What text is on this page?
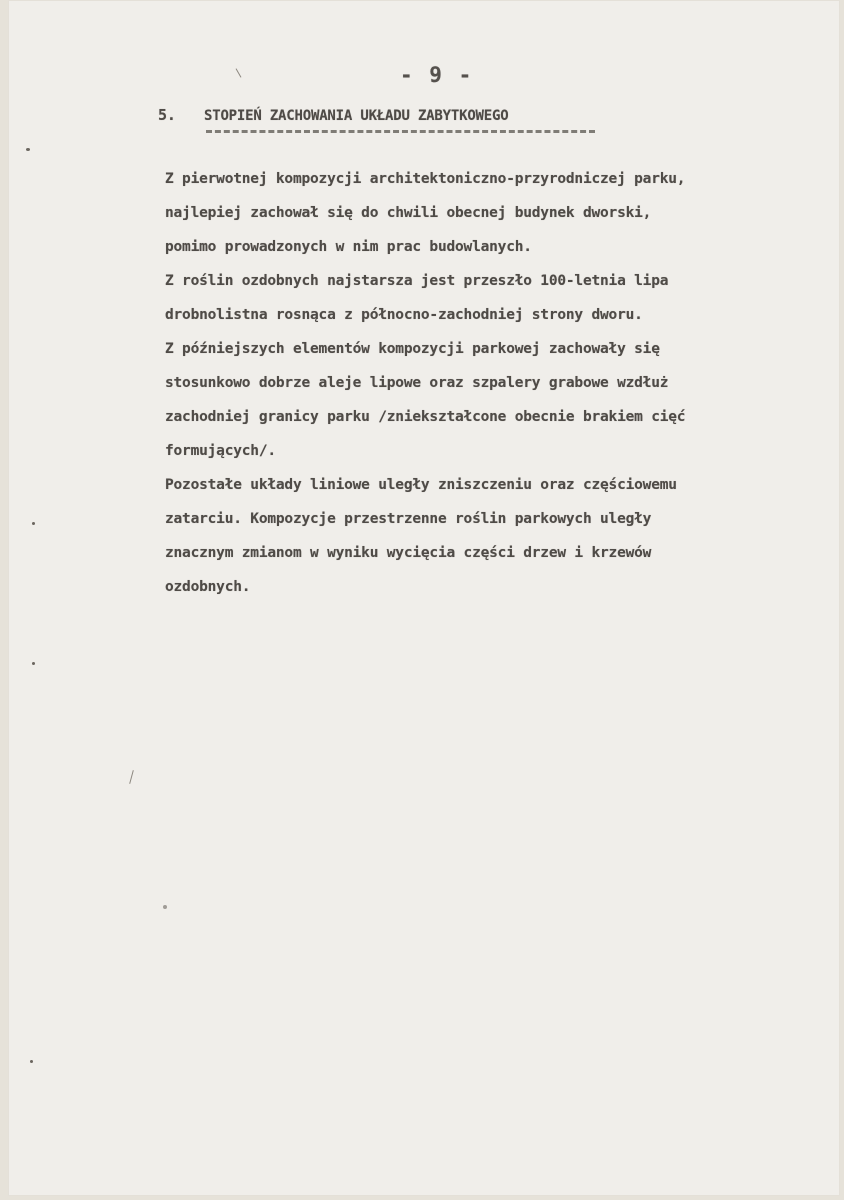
- 9 -
5. STOPIEŃ ZACHOWANIA UKŁADU ZABYTKOWEGO
Z pierwotnej kompozycji architektoniczno-przyrodniczej parku,
najlepiej zachował się do chwili obecnej budynek dworski,
pomimo prowadzonych w nim prac budowlanych.
Z roślin ozdobnych najstarsza jest przeszło 100-letnia lipa
drobnolistna rosnąca z północno-zachodniej strony dworu.
Z późniejszych elementów kompozycji parkowej zachowały się
stosunkowo dobrze aleje lipowe oraz szpalery grabowe wzdłuż
zachodniej granicy parku /zniekształcone obecnie brakiem cięć
formujących/.
Pozostałe układy liniowe uległy zniszczeniu oraz częściowemu
zatarciu. Kompozycje przestrzenne roślin parkowych uległy
znacznym zmianom w wyniku wycięcia części drzew i krzewów
ozdobnych.
